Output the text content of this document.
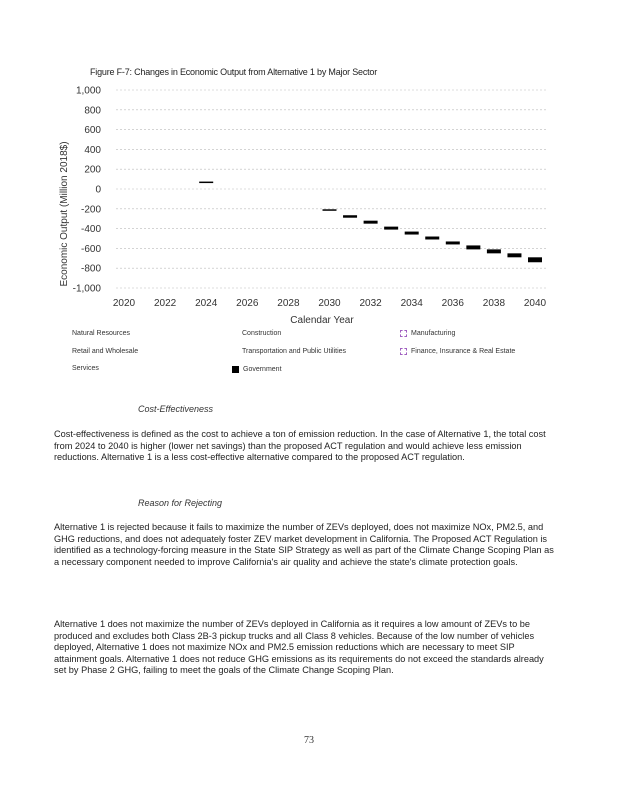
Figure F-7: Changes in Economic Output from Alternative 1 by Major Sector
1,000
800
600
400
200
0
-200
-400
-600
-800
-1,000
2020 2022 2024 2026 2028 2030 2032 2034 2036 2038 2040
Calendar Year
Economic Output (Million 2018$)
Natural Resources	Construction	Manufacturing
Retail and Wholesale	Transportation and Public Utilities	Finance, Insurance & Real Estate
Services	Government
Cost-Effectiveness

Cost-effectiveness is defined as the cost to achieve a ton of emission reduction. In the case of Alternative 1, the total cost from 2024 to 2040 is higher (lower net savings) than the proposed ACT regulation and would achieve less emission reductions. Alternative 1 is a less cost-effective alternative compared to the proposed ACT regulation.

Reason for Rejecting

Alternative 1 is rejected because it fails to maximize the number of ZEVs deployed, does not maximize NOx, PM2.5, and GHG reductions, and does not adequately foster ZEV market development in California. The Proposed ACT Regulation is identified as a technology-forcing measure in the State SIP Strategy as well as part of the Climate Change Scoping Plan as a necessary component needed to improve California's air quality and achieve the state's climate protection goals.

Alternative 1 does not maximize the number of ZEVs deployed in California as it requires a low amount of ZEVs to be produced and excludes both Class 2B-3 pickup trucks and all Class 8 vehicles. Because of the low number of vehicles deployed, Alternative 1 does not maximize NOx and PM2.5 emission reductions which are necessary to meet SIP attainment goals. Alternative 1 does not reduce GHG emissions as its requirements do not exceed the standards already set by Phase 2 GHG, failing to meet the goals of the Climate Change Scoping Plan.

73
